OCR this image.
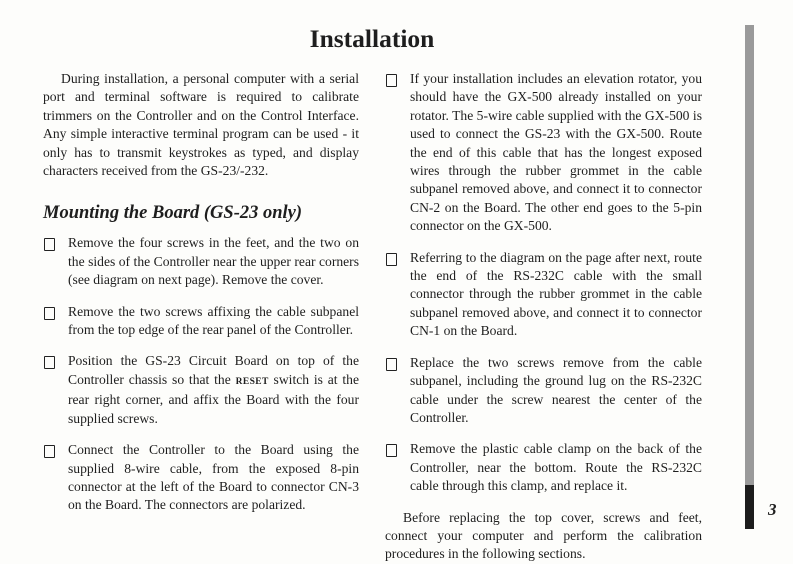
Installation

During installation, a personal computer with a serial port and terminal software is required to calibrate trimmers on the Controller and on the Control Interface. Any simple interactive terminal program can be used - it only has to transmit keystrokes as typed, and display characters received from the GS-23/-232.

Mounting the Board (GS-23 only)
Remove the four screws in the feet, and the two on the sides of the Controller near the upper rear corners (see diagram on next page). Remove the cover.
Remove the two screws affixing the cable subpanel from the top edge of the rear panel of the Controller.
Position the GS-23 Circuit Board on top of the Controller chassis so that the RESET switch is at the rear right corner, and affix the Board with the four supplied screws.
Connect the Controller to the Board using the supplied 8-wire cable, from the exposed 8-pin connector at the left of the Board to connector CN-3 on the Board. The connectors are polarized.
If your installation includes an elevation rotator, you should have the GX-500 already installed on your rotator. The 5-wire cable supplied with the GX-500 is used to connect the GS-23 with the GX-500. Route the end of this cable that has the longest exposed wires through the rubber grommet in the cable subpanel removed above, and connect it to connector CN-2 on the Board. The other end goes to the 5-pin connector on the GX-500.
Referring to the diagram on the page after next, route the end of the RS-232C cable with the small connector through the rubber grommet in the cable subpanel removed above, and connect it to connector CN-1 on the Board.
Replace the two screws remove from the cable subpanel, including the ground lug on the RS-232C cable under the screw nearest the center of the Controller.
Remove the plastic cable clamp on the back of the Controller, near the bottom. Route the RS-232C cable through this clamp, and replace it.

Before replacing the top cover, screws and feet, connect your computer and perform the calibration procedures in the following sections.

3
